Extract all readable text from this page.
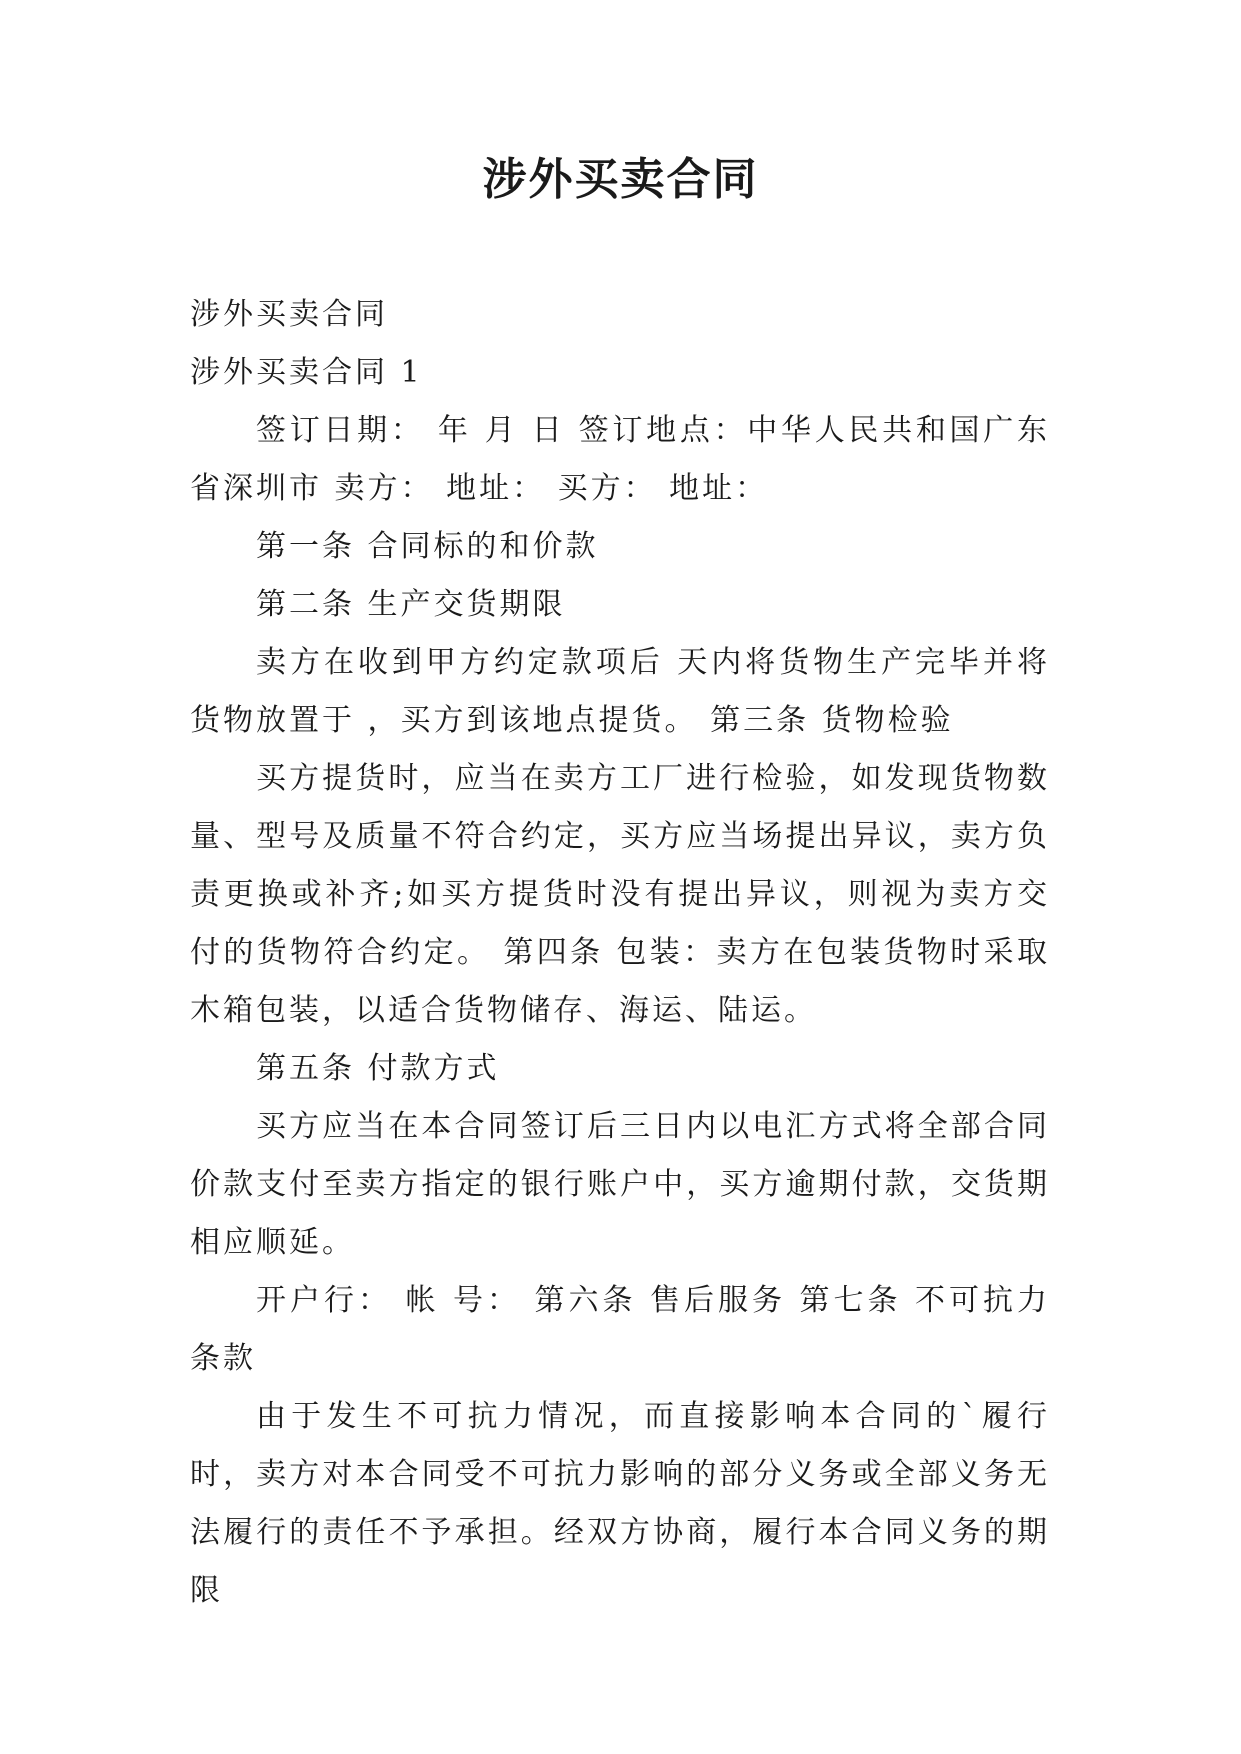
涉外买卖合同

涉外买卖合同

涉外买卖合同 1

签订日期： 年 月 日 签订地点：中华人民共和国广东省深圳市 卖方： 地址： 买方： 地址：

第一条 合同标的和价款

第二条 生产交货期限

卖方在收到甲方约定款项后 天内将货物生产完毕并将货物放置于 ，买方到该地点提货。 第三条 货物检验

买方提货时，应当在卖方工厂进行检验，如发现货物数量、型号及质量不符合约定，买方应当场提出异议，卖方负责更换或补齐;如买方提货时没有提出异议，则视为卖方交付的货物符合约定。 第四条 包装：卖方在包装货物时采取木箱包装，以适合货物储存、海运、陆运。

第五条 付款方式

买方应当在本合同签订后三日内以电汇方式将全部合同价款支付至卖方指定的银行账户中，买方逾期付款，交货期相应顺延。

开户行： 帐 号： 第六条 售后服务 第七条 不可抗力条款

由于发生不可抗力情况，而直接影响本合同的`履行时，卖方对本合同受不可抗力影响的部分义务或全部义务无法履行的责任不予承担。经双方协商，履行本合同义务的期限
